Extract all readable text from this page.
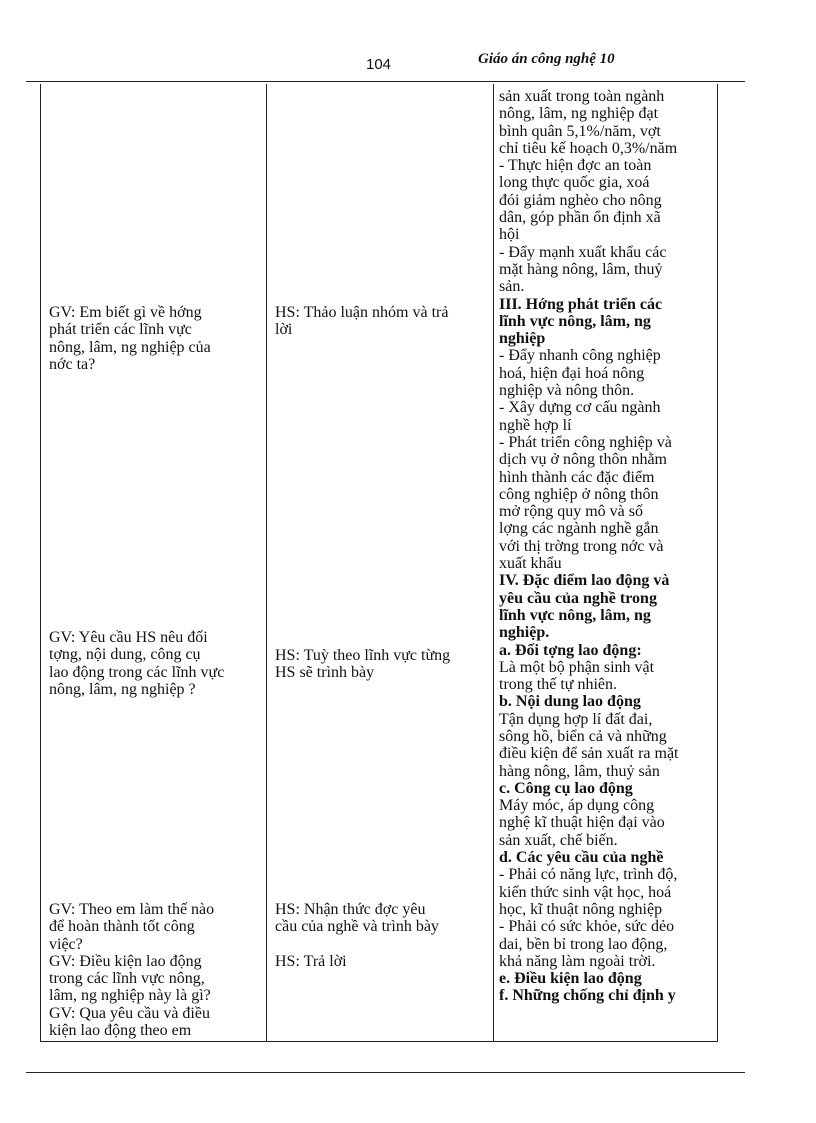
104	Giáo án công nghệ 10
GV: Em biết gì về hớng
phát triển các lĩnh vực
nông, lâm, ng nghiệp của
nớc ta?
GV: Yêu cầu HS nêu đối
tợng, nội dung, công cụ
lao động trong các lĩnh vực
nông, lâm, ng nghiệp ?
GV: Theo em làm thế nào
để hoàn thành tốt công
việc?
GV: Điều kiện lao động
trong các lĩnh vực nông,
lâm, ng nghiệp này là gì?
GV: Qua yêu cầu và điều
kiện lao động theo em
HS: Thảo luận nhóm và trả
lời
HS: Tuỳ theo lĩnh vực từng
HS sẽ trình bày
HS: Nhận thức đợc yêu
cầu của nghề và trình bày
HS: Trả lời
sản xuất trong toàn ngành
nông, lâm, ng nghiệp đạt
bình quân 5,1%/năm, vợt
chỉ tiêu kế hoạch 0,3%/năm
- Thực hiện đợc an toàn
long thực quốc gia, xoá
đói giảm nghèo cho nông
dân, góp phần ổn định xã
hội
- Đẩy mạnh xuất khẩu các
mặt hàng nông, lâm, thuỷ
sản.
III. Hớng phát triển các
lĩnh vực nông, lâm, ng
nghiệp
- Đẩy nhanh công nghiệp
hoá, hiện đại hoá nông
nghiệp và nông thôn.
- Xây dựng cơ cấu ngành
nghề hợp lí
- Phát triển công nghiệp và
dịch vụ ở nông thôn nhằm
hình thành các đặc điểm
công nghiệp ở nông thôn
mở rộng quy mô và số
lợng các ngành nghề gắn
với thị trờng trong nớc và
xuất khẩu
IV. Đặc điểm lao động và
yêu cầu của nghề trong
lĩnh vực nông, lâm, ng
nghiệp.
a. Đối tợng lao động:
Là một bộ phận sinh vật
trong thế tự nhiên.
b. Nội dung lao động
Tận dụng hợp lí đất đai,
sông hồ, biển cả và những
điều kiện để sản xuất ra mặt
hàng nông, lâm, thuỷ sản
c. Công cụ lao động
Máy móc, áp dụng công
nghệ kĩ thuật hiện đại vào
sản xuất, chế biến.
d. Các yêu cầu của nghề
- Phải có năng lực, trình độ,
kiến thức sinh vật học, hoá
học, kĩ thuật nông nghiệp
- Phải có sức khỏe, sức dẻo
dai, bền bỉ trong lao động,
khả năng làm ngoài trời.
e. Điều kiện lao động
f. Những chống chỉ định y
